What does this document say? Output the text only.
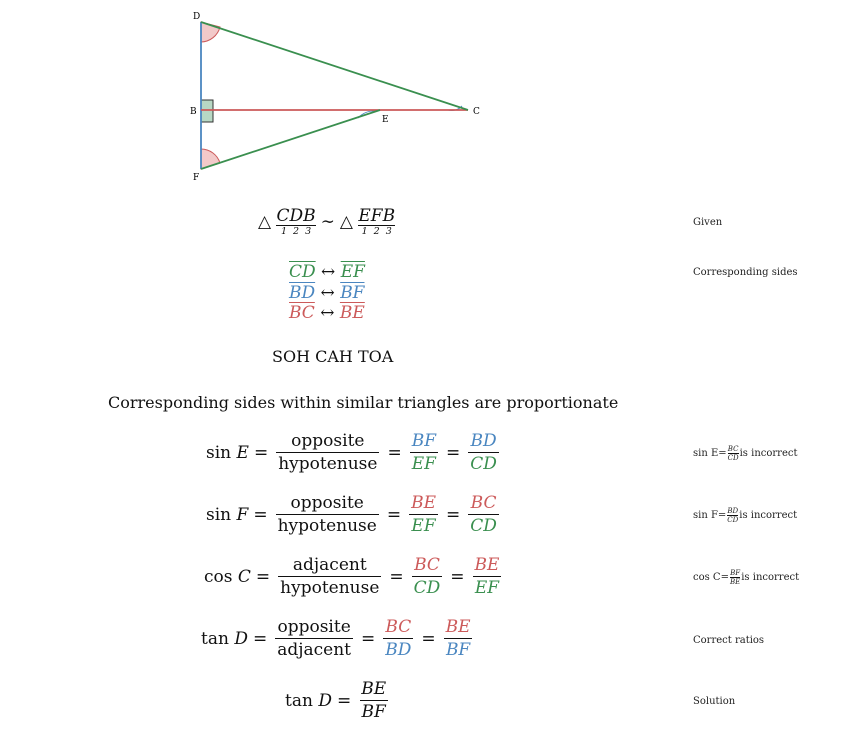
D
B
F
C
E
△
CDB
1 2 3 ∼ △
EFB
1 2 3
Given
$\overline{CD}$ ↔ $\overline{EF}$
$\overline{BD}$ ↔ $\overline{BF}$
$\overline{BC}$ ↔ $\overline{BE}$
Corresponding sides
SOH CAH TOA
Corresponding sides within similar triangles are proportionate
sin
$E = \frac{\text{opposite}}{\text{hypotenuse}} = \frac{BF}{EF} = \frac{BD}{CD}$	$\sin E= \frac{BC}{CD}$ is incorrect
sin
$F = \frac{\text{opposite}}{\text{hypotenuse}} = \frac{BE}{EF} = \frac{BC}{CD}$	$\sin F= \frac{BD}{CD}$ is incorrect
cos
$C = \frac{\text{adjacent}}{\text{hypotenuse}} = \frac{BC}{CD} = \frac{BE}{EF}$	$\cos C= \frac{BF}{BE}$ is incorrect
tan
$D = \frac{\text{opposite}}{\text{adjacent}} = \frac{BC}{BD} = \frac{BE}{BF}$	Correct ratios
tan
$D = \frac{BE}{BF}$	Solution
